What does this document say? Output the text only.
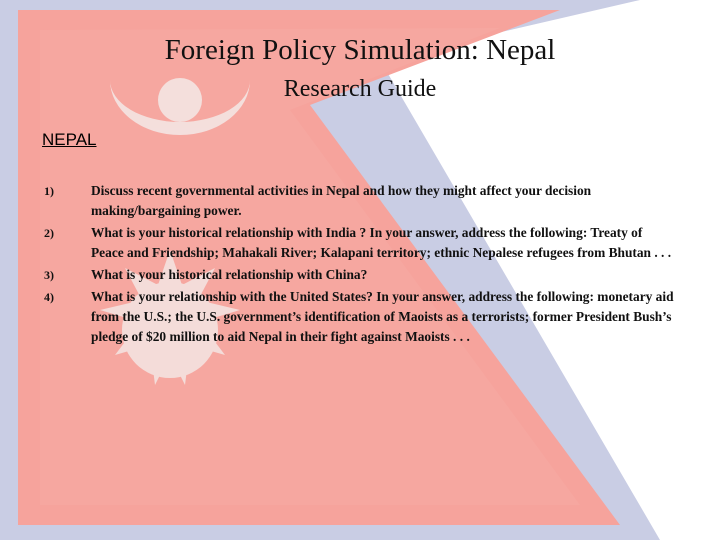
Foreign Policy Simulation: Nepal
Research Guide
NEPAL
1)	Discuss recent governmental activities in Nepal and how they might affect your decision making/bargaining power.
2)	What is your historical relationship with India ? In your answer, address the following: Treaty of Peace and Friendship; Mahakali River; Kalapani territory; ethnic Nepalese refugees from Bhutan . . .
3)	What is your historical relationship with China?
4)	What is your relationship with the United States? In your answer, address the following: monetary aid from the U.S.; the U.S. government’s identification of Maoists as a terrorists; former President Bush’s pledge of $20 million to aid Nepal in their fight against Maoists . . .
